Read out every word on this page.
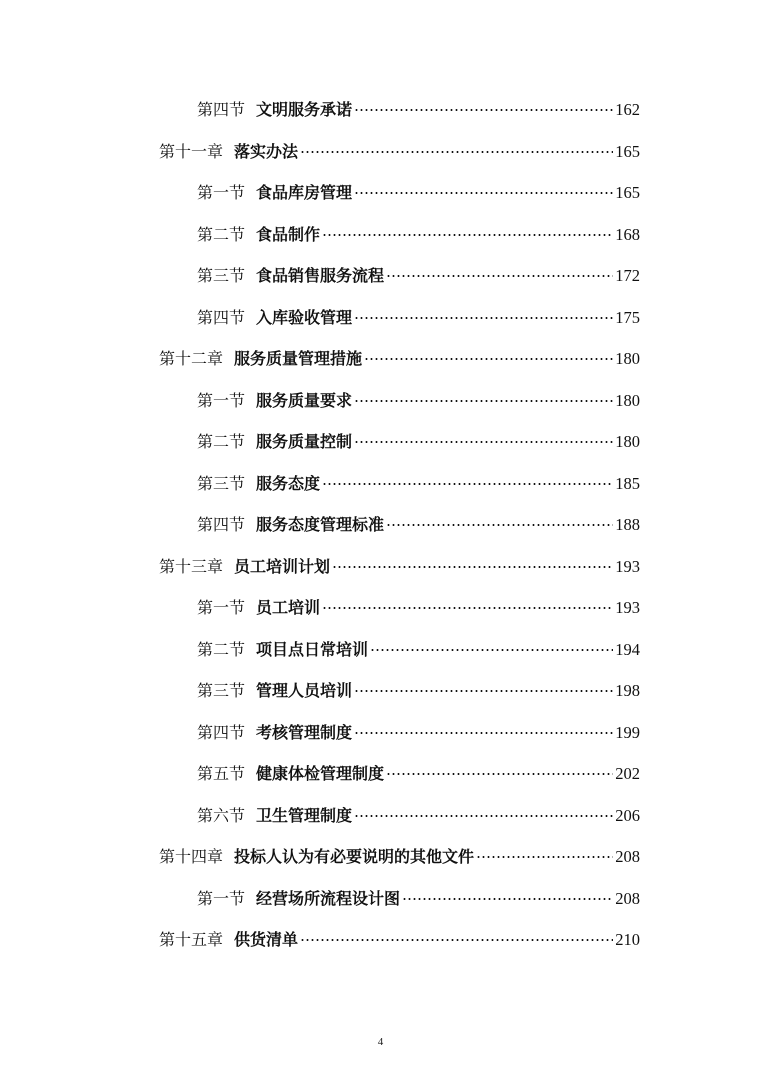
第四节 文明服务承诺	162
第十一章 落实办法	165
第一节 食品库房管理	165
第二节 食品制作	168
第三节 食品销售服务流程	172
第四节 入库验收管理	175
第十二章 服务质量管理措施	180
第一节 服务质量要求	180
第二节 服务质量控制	180
第三节 服务态度	185
第四节 服务态度管理标准	188
第十三章 员工培训计划	193
第一节 员工培训	193
第二节 项目点日常培训	194
第三节 管理人员培训	198
第四节 考核管理制度	199
第五节 健康体检管理制度	202
第六节 卫生管理制度	206
第十四章 投标人认为有必要说明的其他文件	208
第一节 经营场所流程设计图	208
第十五章 供货清单	210
4
